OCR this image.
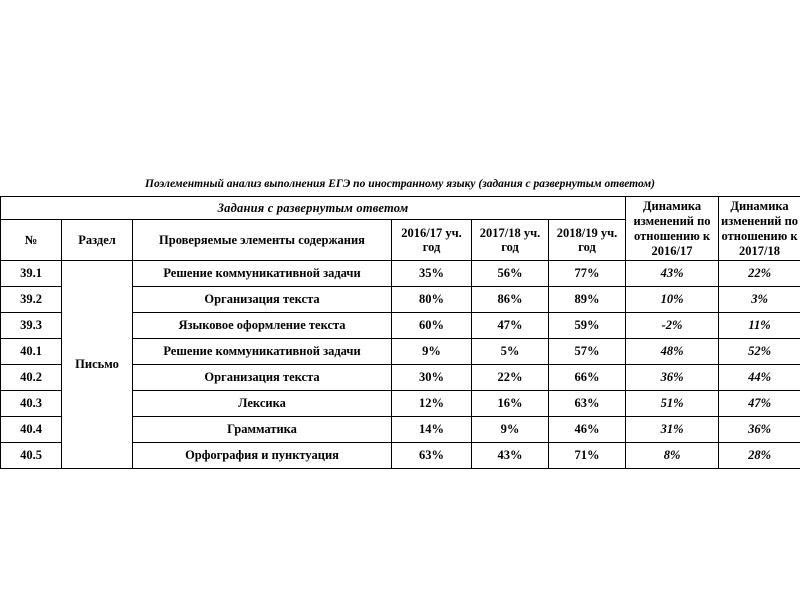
Поэлементный анализ выполнения ЕГЭ по иностранному языку (задания с развернутым ответом)
Задания с развернутым ответом						Динамика изменений по отношению к 2016/17	Динамика изменений по отношению к 2017/18
№	Раздел	Проверяемые элементы содержания	2016/17 уч. год	2017/18 уч. год	2018/19 уч. год		
39.1	Письмо	Решение коммуникативной задачи	35%	56%	77%	43%	22%
39.2		Организация текста	80%	86%	89%	10%	3%
39.3		Языковое оформление текста	60%	47%	59%	-2%	11%
40.1		Решение коммуникативной задачи	9%	5%	57%	48%	52%
40.2		Организация текста	30%	22%	66%	36%	44%
40.3		Лексика	12%	16%	63%	51%	47%
40.4		Грамматика	14%	9%	46%	31%	36%
40.5		Орфография и пунктуация	63%	43%	71%	8%	28%
